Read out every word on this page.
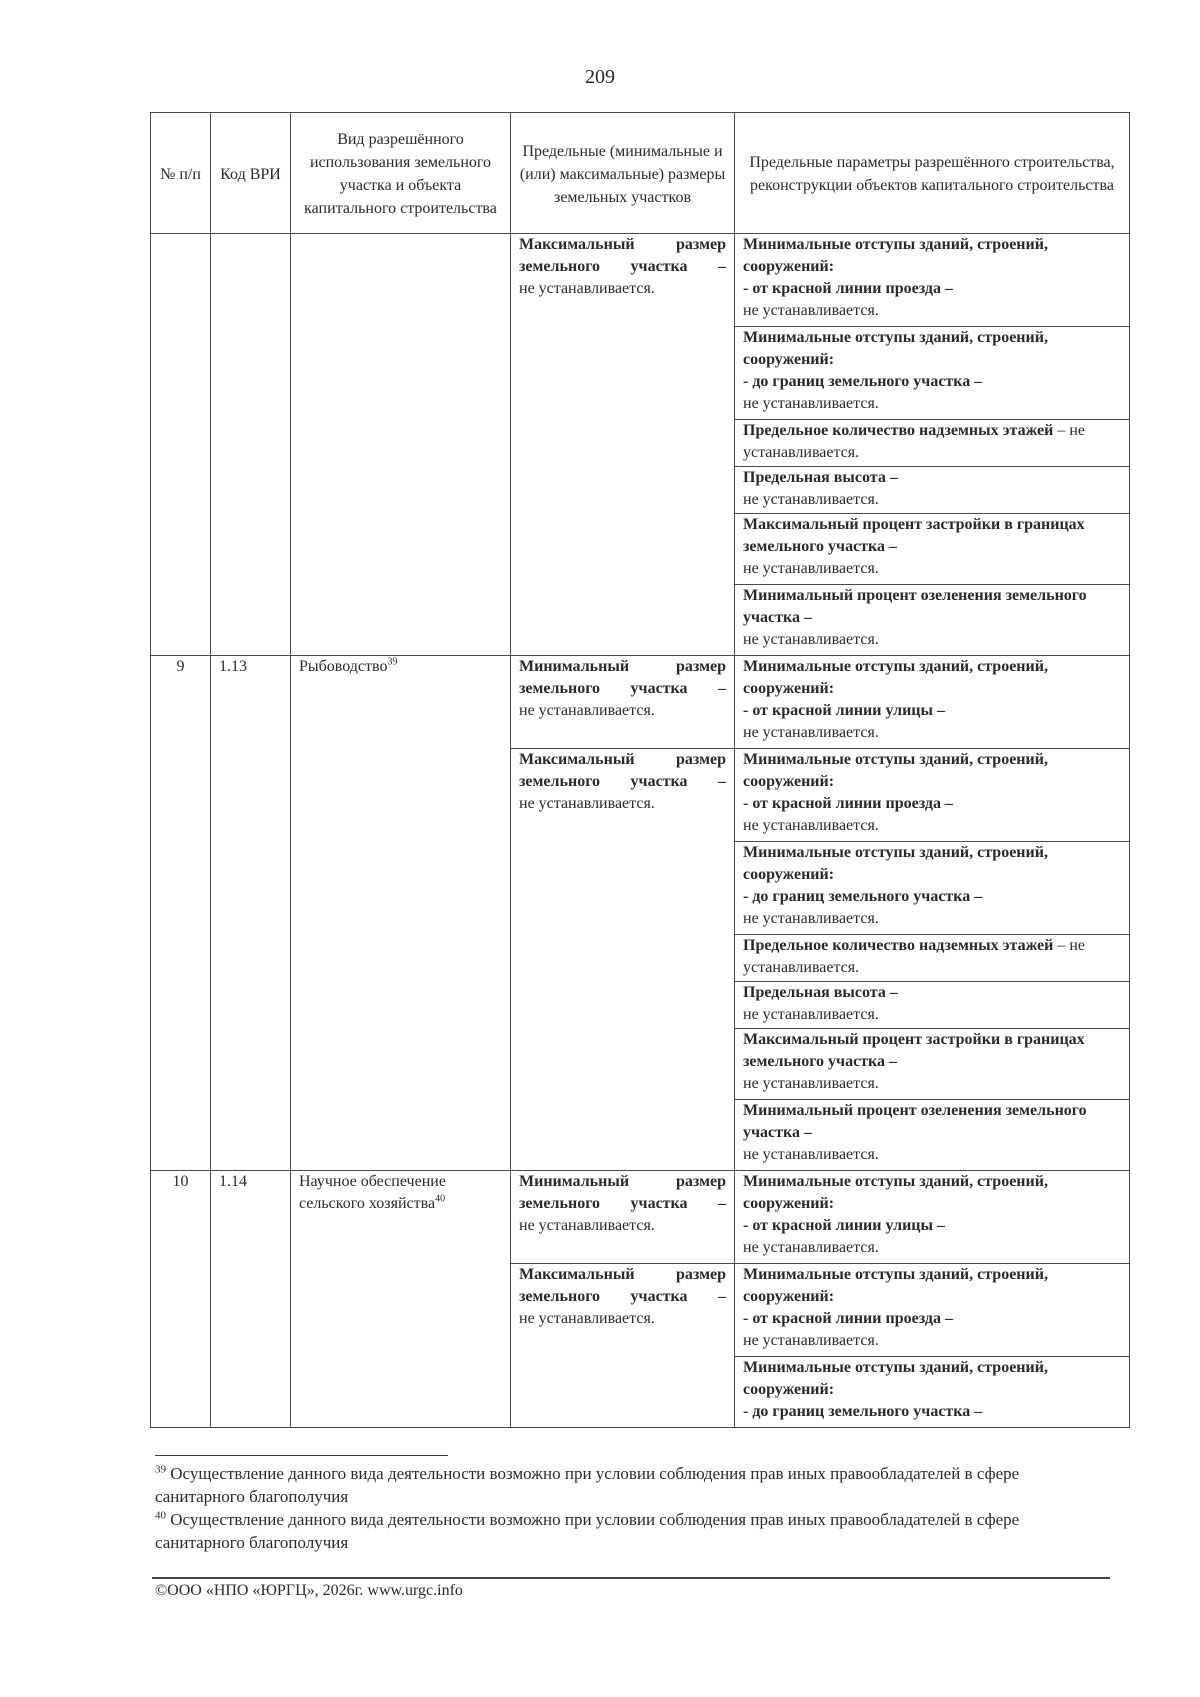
209
№ п/п	Код ВРИ	Вид разрешённого использования земельного участка и объекта капитального строительства	Предельные (минимальные и (или) максимальные) размеры земельных участков	Предельные параметры разрешённого строительства, реконструкции объектов капитального строительства

			Максимальный размер земельного участка –
не устанавливается.	Минимальные отступы зданий, строений, сооружений:
- от красной линии проезда –
не устанавливается.

				Минимальные отступы зданий, строений, сооружений:
- до границ земельного участка –
не устанавливается.

				Предельное количество надземных этажей – не устанавливается.

				Предельная высота –
не устанавливается.

				Максимальный процент застройки в границах земельного участка –
не устанавливается.

				Минимальный процент озеленения земельного участка –
не устанавливается.

9	1.13	Рыбоводство$^{39}$	Минимальный размер земельного участка –
не устанавливается.	Минимальные отступы зданий, строений, сооружений:
- от красной линии улицы –
не устанавливается.

			Максимальный размер земельного участка –
не устанавливается.	Минимальные отступы зданий, строений, сооружений:
- от красной линии проезда –
не устанавливается.

				Минимальные отступы зданий, строений, сооружений:
- до границ земельного участка –
не устанавливается.

				Предельное количество надземных этажей – не устанавливается.

				Предельная высота –
не устанавливается.

				Максимальный процент застройки в границах земельного участка –
не устанавливается.

				Минимальный процент озеленения земельного участка –
не устанавливается.

10	1.14	Научное обеспечение сельского хозяйства$^{40}$	Минимальный размер земельного участка –
не устанавливается.	Минимальные отступы зданий, строений, сооружений:
- от красной линии улицы –
не устанавливается.

			Максимальный размер земельного участка –
не устанавливается.	Минимальные отступы зданий, строений, сооружений:
- от красной линии проезда –
не устанавливается.

				Минимальные отступы зданий, строений, сооружений:
- до границ земельного участка –
$^{39}$ Осуществление данного вида деятельности возможно при условии соблюдения прав иных правообладателей в сфере санитарного благополучия
$^{40}$ Осуществление данного вида деятельности возможно при условии соблюдения прав иных правообладателей в сфере санитарного благополучия
©ООО «НПО «ЮРГЦ», 2026г. www.urgc.info
